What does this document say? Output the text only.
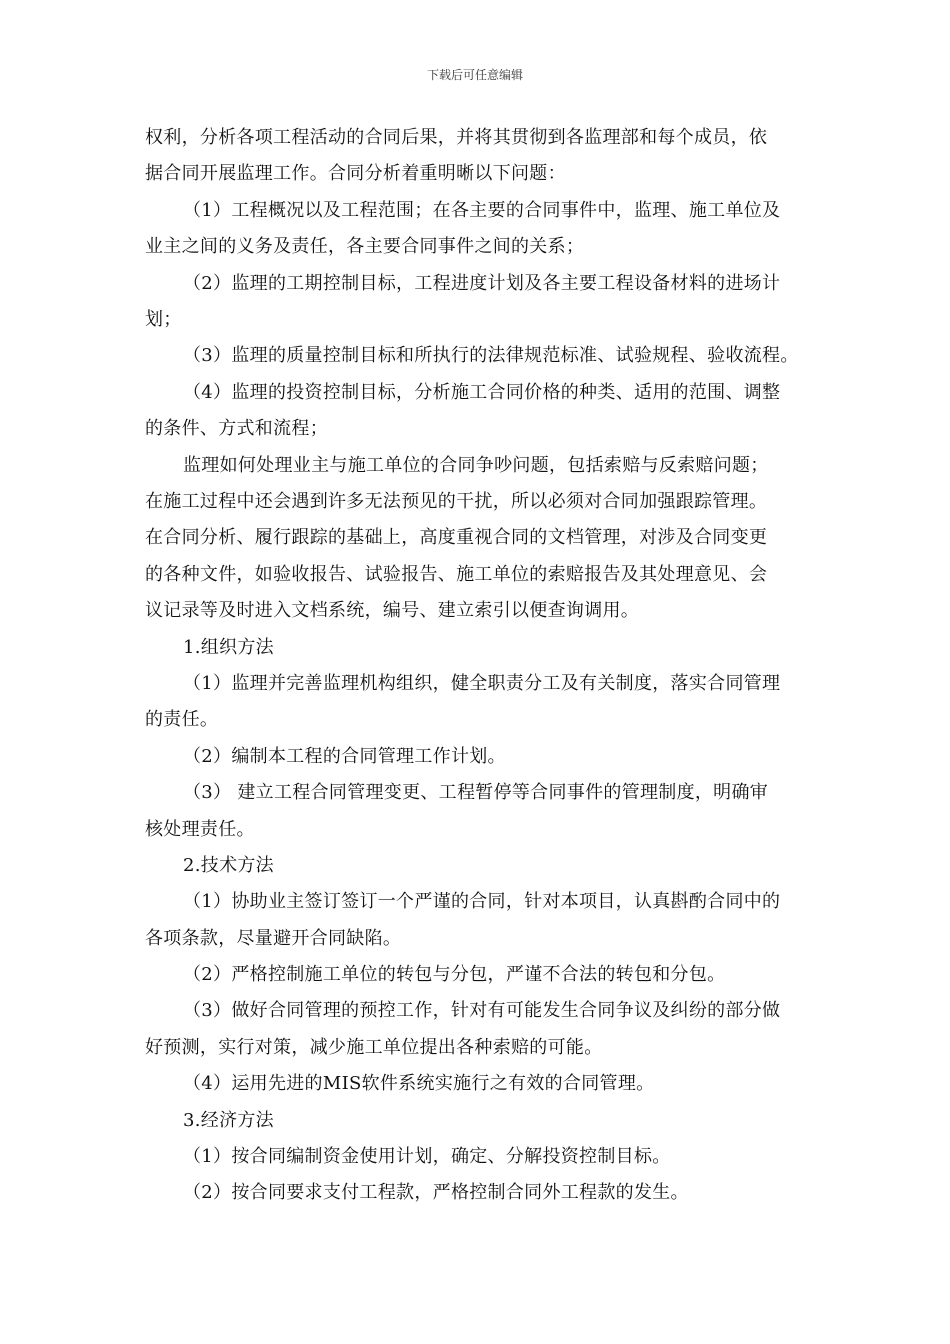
下载后可任意编辑
权利，分析各项工程活动的合同后果，并将其贯彻到各监理部和每个成员，依
据合同开展监理工作。合同分析着重明晰以下问题：
（1）工程概况以及工程范围；在各主要的合同事件中，监理、施工单位及
业主之间的义务及责任，各主要合同事件之间的关系；
（2）监理的工期控制目标，工程进度计划及各主要工程设备材料的进场计
划；
（3）监理的质量控制目标和所执行的法律规范标准、试验规程、验收流程。
（4）监理的投资控制目标，分析施工合同价格的种类、适用的范围、调整
的条件、方式和流程；
监理如何处理业主与施工单位的合同争吵问题，包括索赔与反索赔问题；
在施工过程中还会遇到许多无法预见的干扰，所以必须对合同加强跟踪管理。
在合同分析、履行跟踪的基础上，高度重视合同的文档管理，对涉及合同变更
的各种文件，如验收报告、试验报告、施工单位的索赔报告及其处理意见、会
议记录等及时进入文档系统，编号、建立索引以便查询调用。
1.组织方法
（1）监理并完善监理机构组织，健全职责分工及有关制度，落实合同管理
的责任。
（2）编制本工程的合同管理工作计划。
（3） 建立工程合同管理变更、工程暂停等合同事件的管理制度，明确审
核处理责任。
2.技术方法
（1）协助业主签订签订一个严谨的合同，针对本项目，认真斟酌合同中的
各项条款，尽量避开合同缺陷。
（2）严格控制施工单位的转包与分包，严谨不合法的转包和分包。
（3）做好合同管理的预控工作，针对有可能发生合同争议及纠纷的部分做
好预测，实行对策，减少施工单位提出各种索赔的可能。
（4）运用先进的MIS软件系统实施行之有效的合同管理。
3.经济方法
（1）按合同编制资金使用计划，确定、分解投资控制目标。
（2）按合同要求支付工程款，严格控制合同外工程款的发生。
